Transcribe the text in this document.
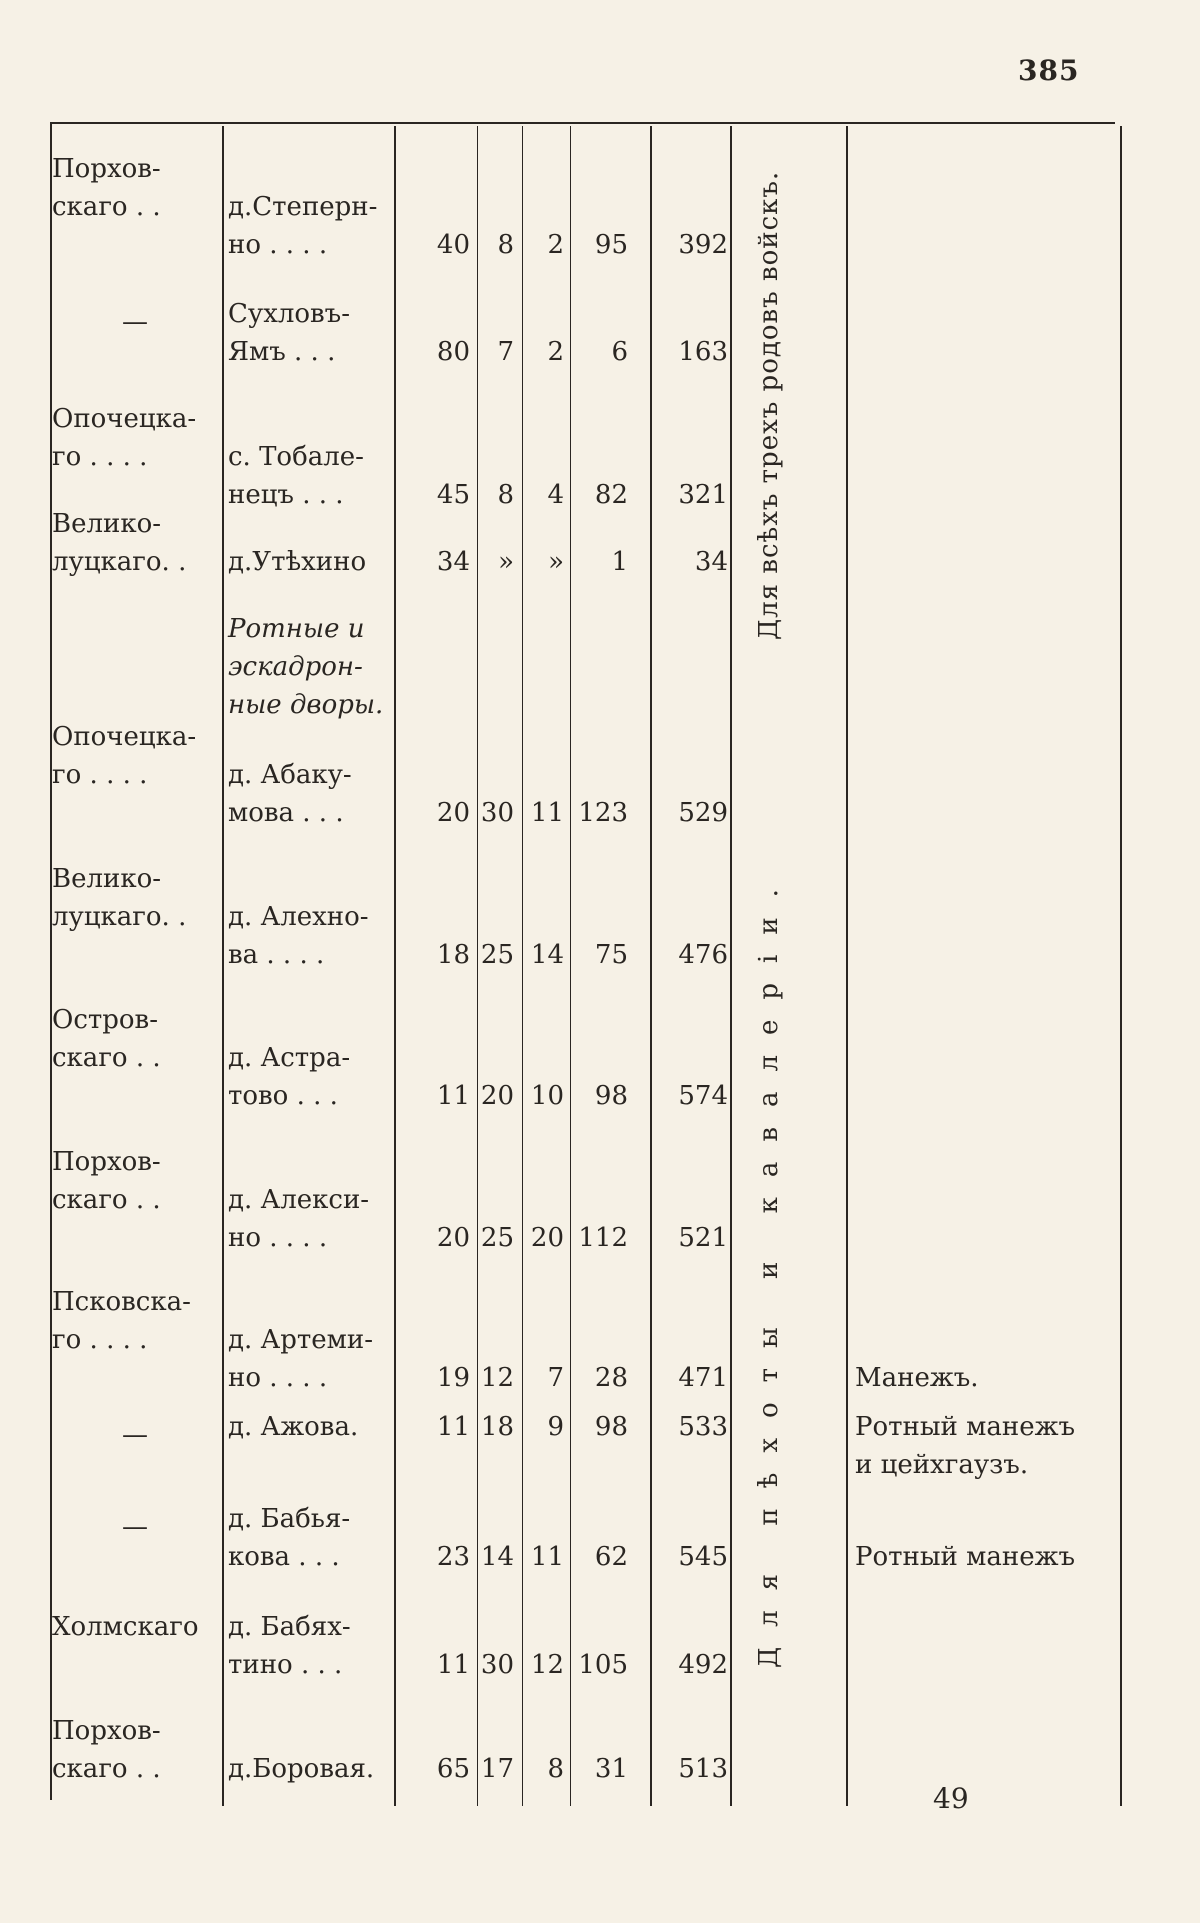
385
Для всѣхъ трехъ родовъ войскъ.
Для пѣхоты и кавалеріи.
Ротные и эскадрон-ные дворы.
Порхов-
скаго . .	д.Степерн-
но . . . .	40	8	2	95	392
—	Сухловъ-
Ямъ . . .	80	7	2	6	163
Опочецка-
го . . . .	с. Тобале-
нецъ . . .	45	8	4	82	321
Велико-
луцкаго. . д.Утѣхино	34	»	»	1	34
Опочецка-
го . . . .	д. Абаку-
мова . . .	20 30 11 123	529
Велико-
луцкаго. . д. Алехно-
ва . . . .	18 25 14	75	476
Остров-
скаго . .	д. Астра-
тово . . .	11 20 10	98	574
Порхов-
скаго . .	д. Алекси-
но . . . .	20 25 20 112	521
Псковска-
го . . . .	д. Артеми-
но . . . .	19 12	7	28	471	Манежъ.
—	д. Ажова.	11 18	9	98	533	Ротный манежъ
и цейхгаузъ.
—	д. Бабья-
кова . . .	23 14 11	62	545	Ротный манежъ
Холмскаго д. Бабях-
тино . . .	11 30 12 105	492
Порхов-
скаго . .	д.Боровая.	65 17	8	31	513
49
